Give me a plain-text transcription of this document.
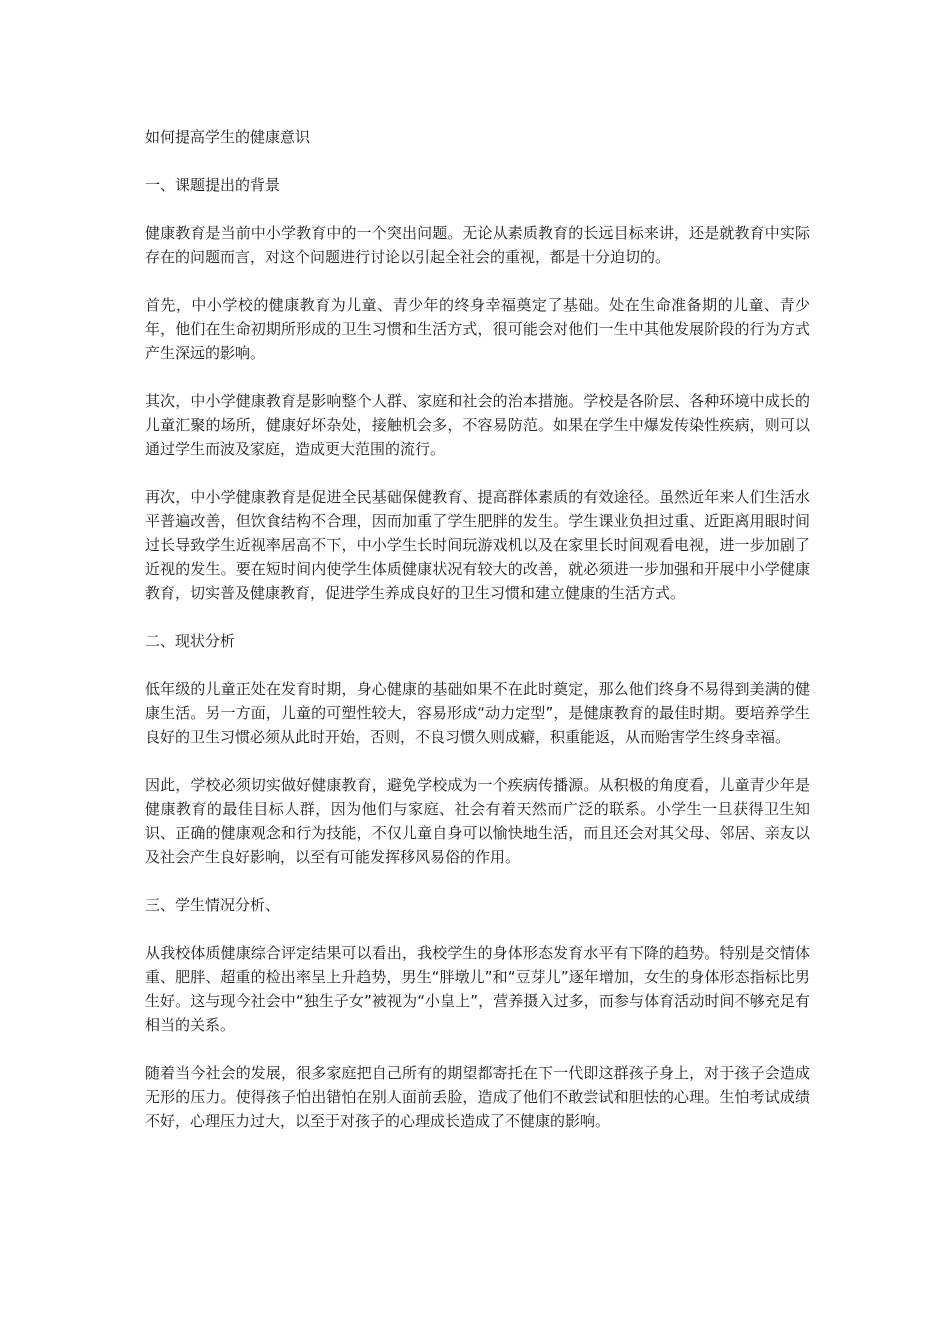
如何提高学生的健康意识

一、课题提出的背景

健康教育是当前中小学教育中的一个突出问题。无论从素质教育的长远目标来讲，还是就教育中实际存在的问题而言，对这个问题进行讨论以引起全社会的重视，都是十分迫切的。

首先，中小学校的健康教育为儿童、青少年的终身幸福奠定了基础。处在生命准备期的儿童、青少年，他们在生命初期所形成的卫生习惯和生活方式，很可能会对他们一生中其他发展阶段的行为方式产生深远的影响。

其次，中小学健康教育是影响整个人群、家庭和社会的治本措施。学校是各阶层、各种环境中成长的儿童汇聚的场所，健康好坏杂处，接触机会多，不容易防范。如果在学生中爆发传染性疾病，则可以通过学生而波及家庭，造成更大范围的流行。

再次，中小学健康教育是促进全民基础保健教育、提高群体素质的有效途径。虽然近年来人们生活水平普遍改善，但饮食结构不合理，因而加重了学生肥胖的发生。学生课业负担过重、近距离用眼时间过长导致学生近视率居高不下，中小学生长时间玩游戏机以及在家里长时间观看电视，进一步加剧了近视的发生。要在短时间内使学生体质健康状况有较大的改善，就必须进一步加强和开展中小学健康教育，切实普及健康教育，促进学生养成良好的卫生习惯和建立健康的生活方式。

二、现状分析

低年级的儿童正处在发育时期，身心健康的基础如果不在此时奠定，那么他们终身不易得到美满的健康生活。另一方面，儿童的可塑性较大，容易形成“动力定型”，是健康教育的最佳时期。要培养学生良好的卫生习惯必须从此时开始，否则，不良习惯久则成癖，积重能返，从而贻害学生终身幸福。

因此，学校必须切实做好健康教育，避免学校成为一个疾病传播源。从积极的角度看，儿童青少年是健康教育的最佳目标人群，因为他们与家庭、社会有着天然而广泛的联系。小学生一旦获得卫生知识、正确的健康观念和行为技能，不仅儿童自身可以愉快地生活，而且还会对其父母、邻居、亲友以及社会产生良好影响，以至有可能发挥移风易俗的作用。

三、学生情况分析、

从我校体质健康综合评定结果可以看出，我校学生的身体形态发育水平有下降的趋势。特别是交情体重、肥胖、超重的检出率呈上升趋势，男生“胖墩儿”和“豆芽儿”逐年增加，女生的身体形态指标比男生好。这与现今社会中“独生子女”被视为“小皇上”，营养摄入过多，而参与体育活动时间不够充足有相当的关系。

随着当今社会的发展，很多家庭把自己所有的期望都寄托在下一代即这群孩子身上，对于孩子会造成无形的压力。使得孩子怕出错怕在别人面前丢脸，造成了他们不敢尝试和胆怯的心理。生怕考试成绩不好，心理压力过大，以至于对孩子的心理成长造成了不健康的影响。
